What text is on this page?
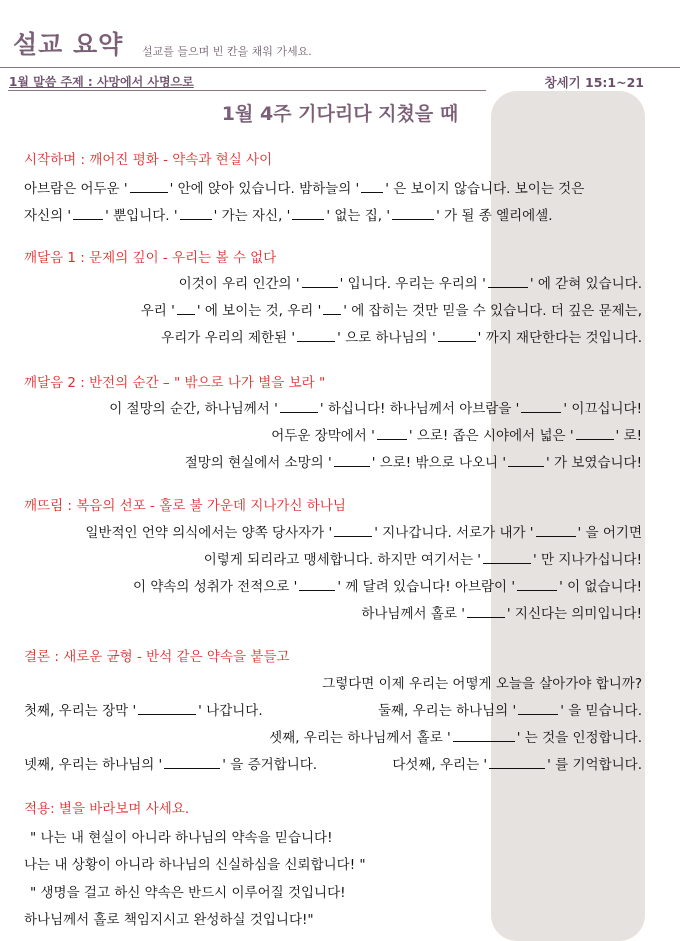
설교 요약 설교를 들으며 빈 칸을 채워 가세요.
1월 말씀 주제 : 사망에서 사명으로	창세기 15:1~21
1월 4주 기다리다 지쳤을 때
시작하며 : 깨어진 평화 - 약속과 현실 사이
아브람은 어두운 '	' 안에 앉아 있습니다. 밤하늘의 ' ' 은 보이지 않습니다. 보이는 것은
자신의 '	' 뿐입니다. '	' 가는 자신, '	' 없는 집, '	' 가 될 종 엘리에셀.
깨달음 1 : 문제의 깊이 - 우리는 볼 수 없다
이것이 우리 인간의 '	' 입니다. 우리는 우리의 '	' 에 갇혀 있습니다.
우리 ' ' 에 보이는 것, 우리 ' ' 에 잡히는 것만 믿을 수 있습니다. 더 깊은 문제는,
우리가 우리의 제한된 '	' 으로 하나님의 '	' 까지 재단한다는 것입니다.
깨달음 2 : 반전의 순간 – " 밖으로 나가 별을 보라 "
이 절망의 순간, 하나님께서 '	' 하십니다! 하나님께서 아브람을 '	' 이끄십니다!
어두운 장막에서 '	' 으로! 좁은 시야에서 넓은 '	' 로!
절망의 현실에서 소망의 '	' 으로! 밖으로 나오니 '	' 가 보였습니다!
깨뜨림 : 복음의 선포 - 홀로 불 가운데 지나가신 하나님
일반적인 언약 의식에서는 양쪽 당사자가 '	' 지나갑니다. 서로가 내가 '	' 을 어기면
이렇게 되리라고 맹세합니다. 하지만 여기서는 '	' 만 지나가십니다!
이 약속의 성취가 전적으로 '	' 께 달려 있습니다! 아브람이 '	' 이 없습니다!
하나님께서 홀로 '	' 지신다는 의미입니다!
결론 : 새로운 균형 - 반석 같은 약속을 붙들고
그렇다면 이제 우리는 어떻게 오늘을 살아가야 합니까?
첫째, 우리는 장막 '	' 나갑니다.	둘째, 우리는 하나님의 '	' 을 믿습니다.
셋째, 우리는 하나님께서 홀로 '	' 는 것을 인정합니다.
넷째, 우리는 하나님의 '	' 을 증거합니다.	다섯째, 우리는 '	' 를 기억합니다.
적용: 별을 바라보며 사세요.
" 나는 내 현실이 아니라 하나님의 약속을 믿습니다!
나는 내 상황이 아니라 하나님의 신실하심을 신뢰합니다! "
" 생명을 걸고 하신 약속은 반드시 이루어질 것입니다!
하나님께서 홀로 책임지시고 완성하실 것입니다!"
